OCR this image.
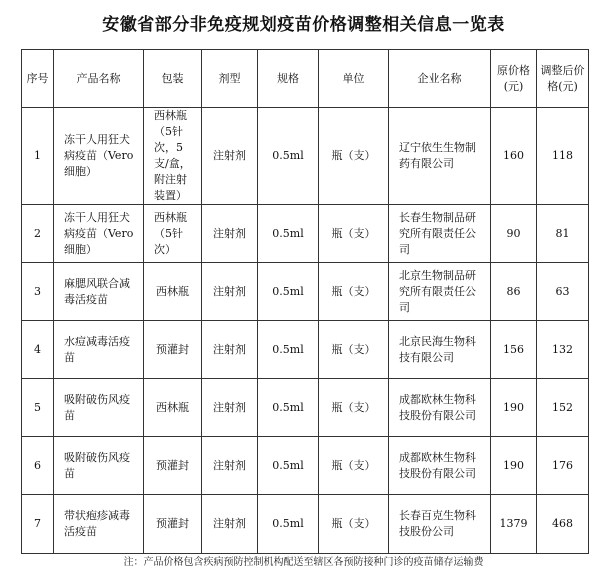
安徽省部分非免疫规划疫苗价格调整相关信息一览表
序号	产品名称	包装	剂型	规格	单位	企业名称	原价格(元)	调整后价格(元)
1	冻干人用狂犬病疫苗（Vero细胞）	西林瓶（5针次，5支/盒，附注射装置）	注射剂	0.5ml	瓶（支）	辽宁依生生物制药有限公司	160	118
2	冻干人用狂犬病疫苗（Vero细胞）	西林瓶（5针次）	注射剂	0.5ml	瓶（支）	长春生物制品研究所有限责任公司	90	81
3	麻腮风联合减毒活疫苗	西林瓶	注射剂	0.5ml	瓶（支）	北京生物制品研究所有限责任公司	86	63
4	水痘减毒活疫苗	预灌封	注射剂	0.5ml	瓶（支）	北京民海生物科技有限公司	156	132
5	吸附破伤风疫苗	西林瓶	注射剂	0.5ml	瓶（支）	成都欧林生物科技股份有限公司	190	152
6	吸附破伤风疫苗	预灌封	注射剂	0.5ml	瓶（支）	成都欧林生物科技股份有限公司	190	176
7	带状疱疹减毒活疫苗	预灌封	注射剂	0.5ml	瓶（支）	长春百克生物科技股份公司	1379	468
注：产品价格包含疾病预防控制机构配送至辖区各预防接种门诊的疫苗储存运输费
